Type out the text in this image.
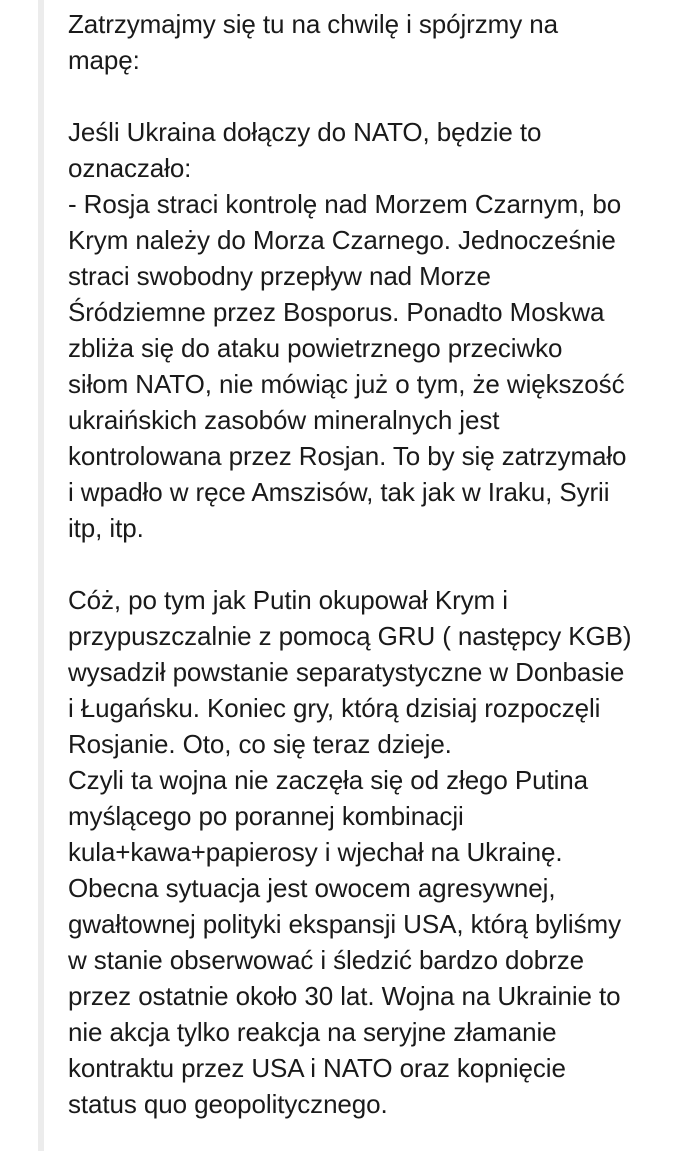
Zatrzymajmy się tu na chwilę i spójrzmy na
mapę:

Jeśli Ukraina dołączy do NATO, będzie to
oznaczało:
- Rosja straci kontrolę nad Morzem Czarnym, bo
Krym należy do Morza Czarnego. Jednocześnie
straci swobodny przepływ nad Morze
Śródziemne przez Bosporus. Ponadto Moskwa
zbliża się do ataku powietrznego przeciwko
siłom NATO, nie mówiąc już o tym, że większość
ukraińskich zasobów mineralnych jest
kontrolowana przez Rosjan. To by się zatrzymało
i wpadło w ręce Amszisów, tak jak w Iraku, Syrii
itp, itp.

Cóż, po tym jak Putin okupował Krym i
przypuszczalnie z pomocą GRU ( następcy KGB)
wysadził powstanie separatystyczne w Donbasie
i Ługańsku. Koniec gry, którą dzisiaj rozpoczęli
Rosjanie. Oto, co się teraz dzieje.
Czyli ta wojna nie zaczęła się od złego Putina
myślącego po porannej kombinacji
kula+kawa+papierosy i wjechał na Ukrainę.
Obecna sytuacja jest owocem agresywnej,
gwałtownej polityki ekspansji USA, którą byliśmy
w stanie obserwować i śledzić bardzo dobrze
przez ostatnie około 30 lat. Wojna na Ukrainie to
nie akcja tylko reakcja na seryjne złamanie
kontraktu przez USA i NATO oraz kopnięcie
status quo geopolitycznego.
